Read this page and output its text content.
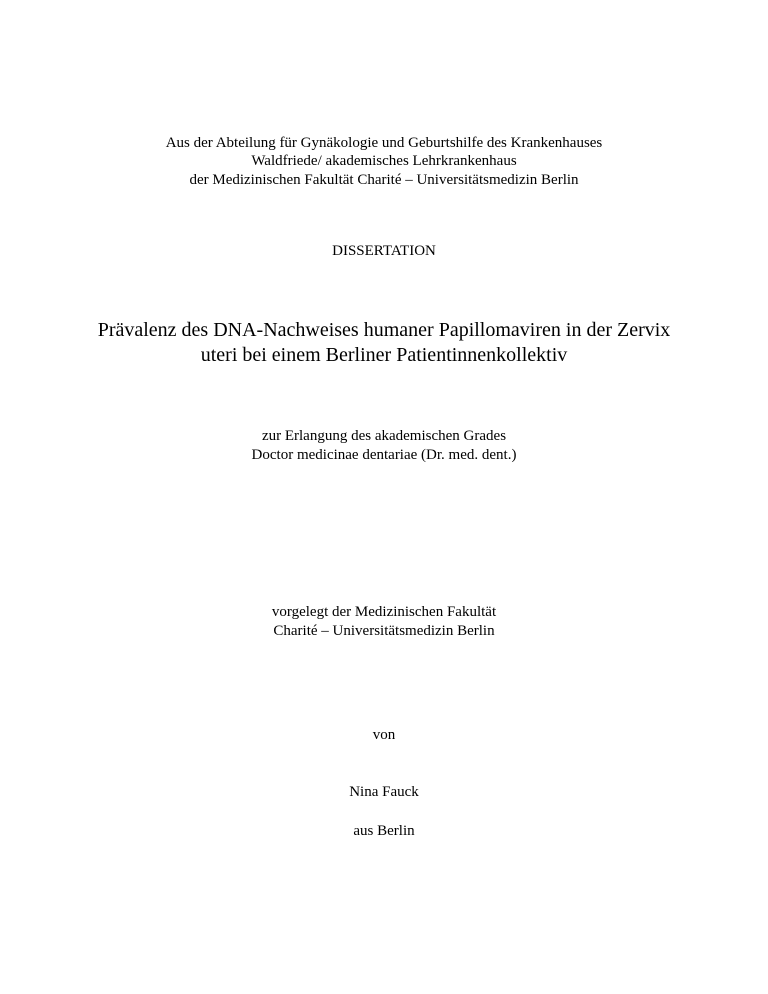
Aus der Abteilung für Gynäkologie und Geburtshilfe des Krankenhauses
Waldfriede/ akademisches Lehrkrankenhaus
der Medizinischen Fakultät Charité – Universitätsmedizin Berlin
DISSERTATION
Prävalenz des DNA-Nachweises humaner Papillomaviren in der Zervix
uteri bei einem Berliner Patientinnenkollektiv
zur Erlangung des akademischen Grades
Doctor medicinae dentariae (Dr. med. dent.)
vorgelegt der Medizinischen Fakultät
Charité – Universitätsmedizin Berlin
von
Nina Fauck
aus Berlin
